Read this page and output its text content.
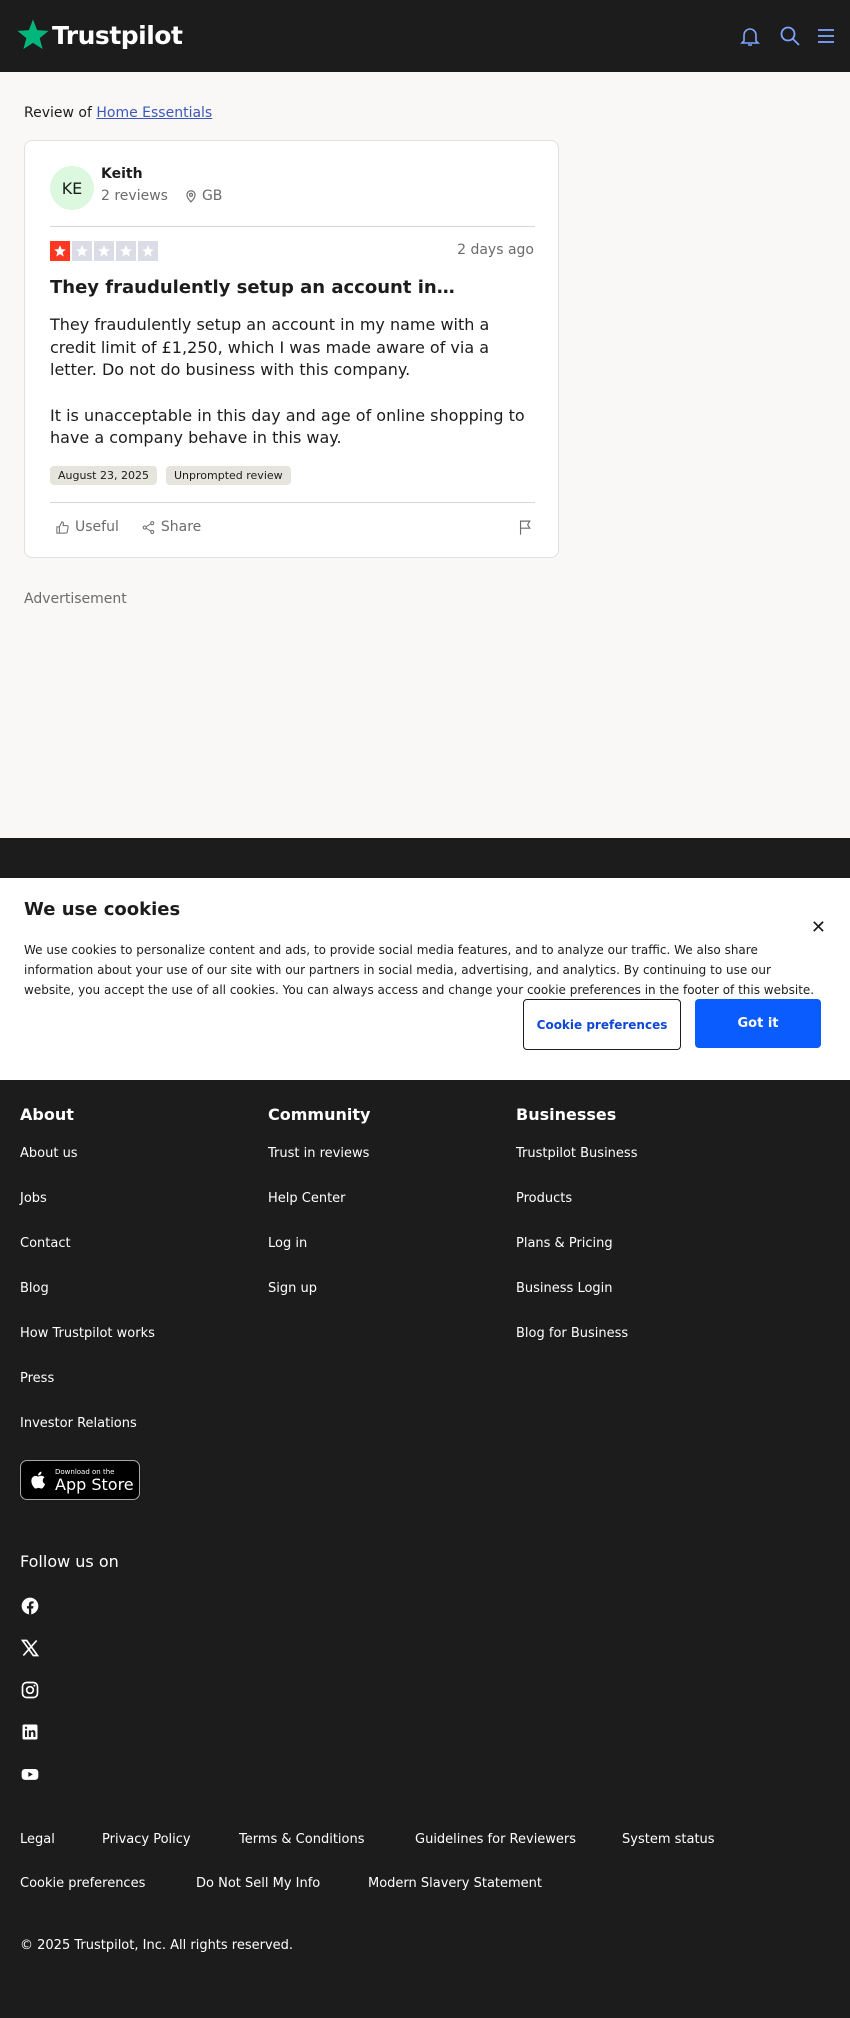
Trustpilot
Review of Home Essentials
KE
Keith
2 reviews GB
2 days ago
They fraudulently setup an account in…

They fraudulently setup an account in my name with a credit limit of £1,250, which I was made aware of via a letter. Do not do business with this company.

It is unacceptable in this day and age of online shopping to have a company behave in this way.

August 23, 2025	Unprompted review
Useful	Share
Advertisement
We use cookies
✕
We use cookies to personalize content and ads, to provide social media features, and to analyze our traffic. We also share information about your use of our site with our partners in social media, advertising, and analytics. By continuing to use our website, you accept the use of all cookies. You can always access and change your cookie preferences in the footer of this website.
Cookie preferences	Got it
About
About us
Jobs
Contact
Blog
How Trustpilot works
Press
Investor Relations
Community
Trust in reviews
Help Center
Log in
Sign up
Businesses
Trustpilot Business
Products
Plans & Pricing
Business Login
Blog for Business
Download on the
App Store
Follow us on
Legal	Privacy Policy	Terms & Conditions	Guidelines for Reviewers	System status
Cookie preferences	Do Not Sell My Info	Modern Slavery Statement
© 2025 Trustpilot, Inc. All rights reserved.
